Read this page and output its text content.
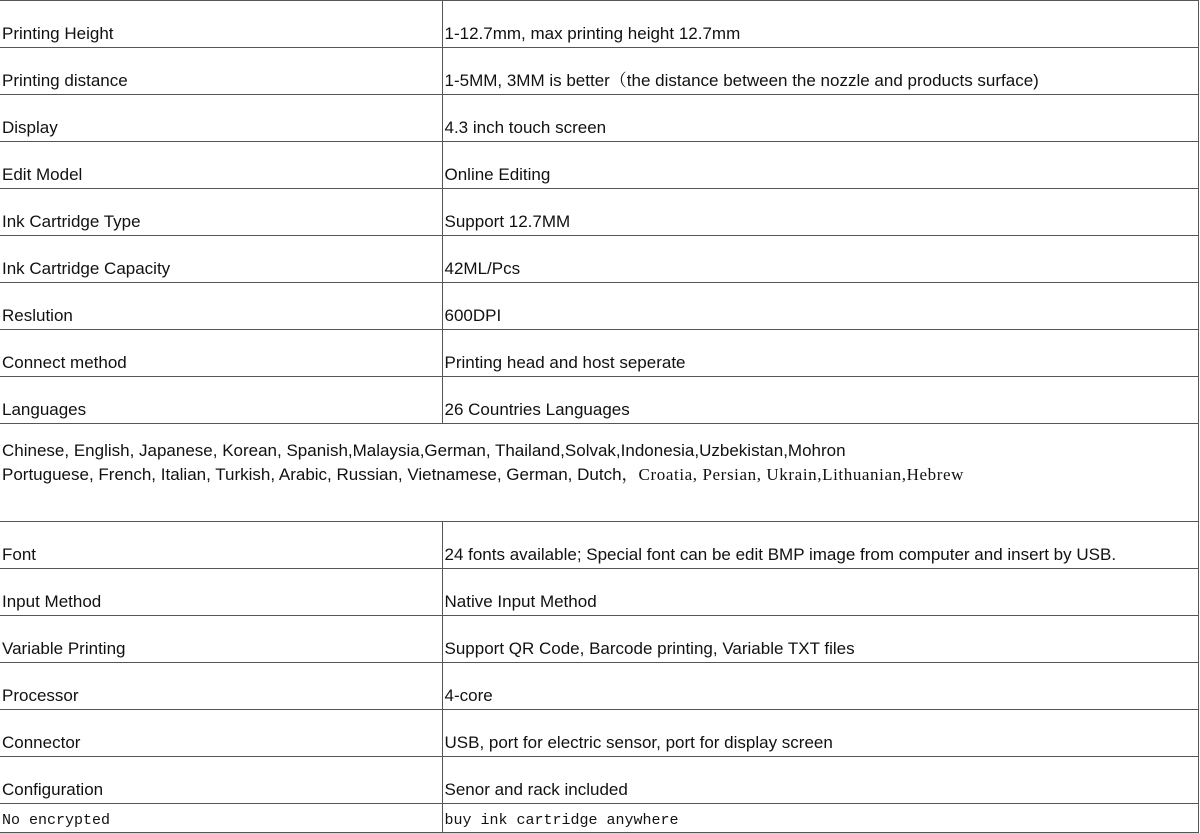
Printing Height	1-12.7mm, max printing height 12.7mm
Printing distance	1-5MM, 3MM is better（the distance between the nozzle and products surface)
Display	4.3 inch touch screen
Edit Model	Online Editing
Ink Cartridge Type	Support 12.7MM
Ink Cartridge Capacity	42ML/Pcs
Reslution	600DPI
Connect method	Printing head and host seperate
Languages	26 Countries Languages

Chinese, English, Japanese, Korean, Spanish,Malaysia,German, Thailand,Solvak,Indonesia,Uzbekistan,Mohron
Portuguese, French, Italian, Turkish, Arabic, Russian, Vietnamese, German, Dutch，Croatia, Persian, Ukrain,Lithuanian,Hebrew	

Font	24 fonts available; Special font can be edit BMP image from computer and insert by USB.
Input Method	Native Input Method
Variable Printing	Support QR Code, Barcode printing, Variable TXT files
Processor	4-core
Connector	USB, port for electric sensor, port for display screen
Configuration	Senor and rack included
No encrypted	buy ink cartridge anywhere
